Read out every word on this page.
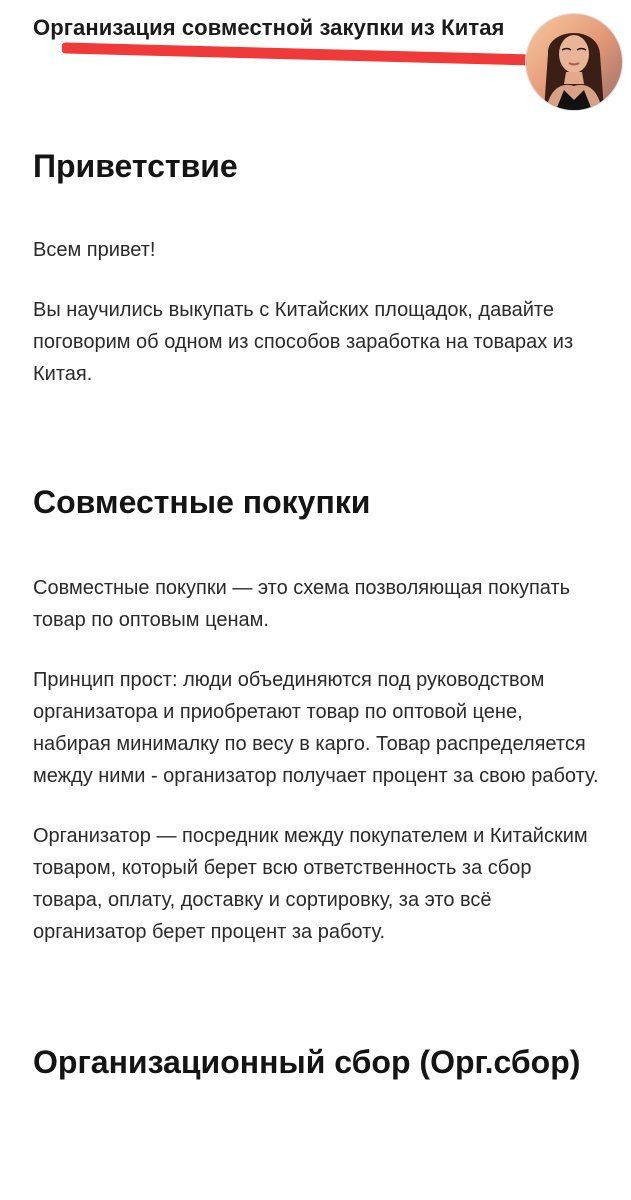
Организация совместной закупки из Китая
Приветствие

Всем привет!

Вы научились выкупать с Китайских площадок, давайте поговорим об одном из способов заработка на товарах из Китая.

Совместные покупки

Совместные покупки — это схема позволяющая покупать товар по оптовым ценам.

Принцип прост: люди объединяются под руководством организатора и приобретают товар по оптовой цене, набирая минималку по весу в карго. Товар распределяется между ними - организатор получает процент за свою работу.

Организатор — посредник между покупателем и Китайским товаром, который берет всю ответственность за сбор товара, оплату, доставку и сортировку, за это всё организатор берет процент за работу.

Организационный сбор (Орг.сбор)
